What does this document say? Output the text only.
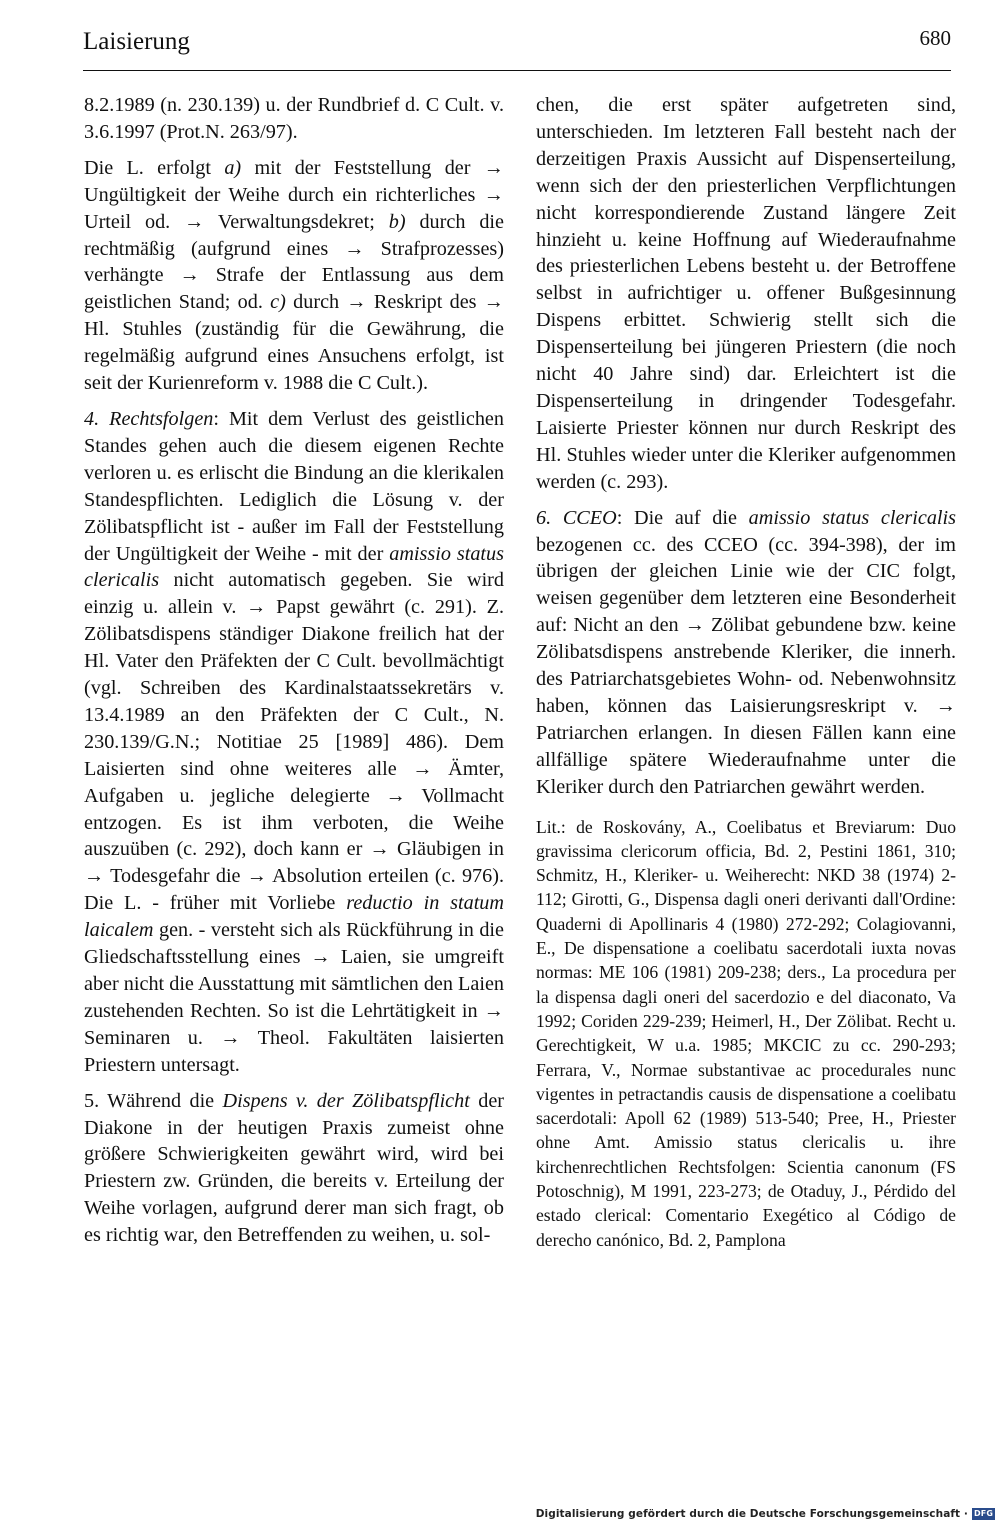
Laisierung	680

8.2.1989 (n. 230.139) u. der Rundbrief d. C Cult. v. 3.6.1997 (Prot.N. 263/97).

Die L. erfolgt a) mit der Feststellung der → Ungültigkeit der Weihe durch ein richterliches → Urteil od. → Verwaltungsdekret; b) durch die rechtmäßig (aufgrund eines → Strafprozesses) verhängte → Strafe der Entlassung aus dem geistlichen Stand; od. c) durch → Reskript des → Hl. Stuhles (zuständig für die Gewährung, die regelmäßig aufgrund eines Ansuchens erfolgt, ist seit der Kurienreform v. 1988 die C Cult.).

4. Rechtsfolgen: Mit dem Verlust des geistlichen Standes gehen auch die diesem eigenen Rechte verloren u. es erlischt die Bindung an die klerikalen Standespflichten. Lediglich die Lösung v. der Zölibatspflicht ist - außer im Fall der Feststellung der Ungültigkeit der Weihe - mit der amissio status clericalis nicht automatisch gegeben. Sie wird einzig u. allein v. → Papst gewährt (c. 291). Z. Zölibatsdispens ständiger Diakone freilich hat der Hl. Vater den Präfekten der C Cult. bevollmächtigt (vgl. Schreiben des Kardinalstaatssekretärs v. 13.4.1989 an den Präfekten der C Cult., N. 230.139/G.N.; Notitiae 25 [1989] 486). Dem Laisierten sind ohne weiteres alle → Ämter, Aufgaben u. jegliche delegierte → Vollmacht entzogen. Es ist ihm verboten, die Weihe auszuüben (c. 292), doch kann er → Gläubigen in → Todesgefahr die → Absolution erteilen (c. 976). Die L. - früher mit Vorliebe reductio in statum laicalem gen. - versteht sich als Rückführung in die Gliedschaftsstellung eines → Laien, sie umgreift aber nicht die Ausstattung mit sämtlichen den Laien zustehenden Rechten. So ist die Lehrtätigkeit in → Seminaren u. → Theol. Fakultäten laisierten Priestern untersagt.

5. Während die Dispens v. der Zölibatspflicht der Diakone in der heutigen Praxis zumeist ohne größere Schwierigkeiten gewährt wird, wird bei Priestern zw. Gründen, die bereits v. Erteilung der Weihe vorlagen, aufgrund derer man sich fragt, ob es richtig war, den Betreffenden zu weihen, u. sol-

chen, die erst später aufgetreten sind, unterschieden. Im letzteren Fall besteht nach der derzeitigen Praxis Aussicht auf Dispenserteilung, wenn sich der den priesterlichen Verpflichtungen nicht korrespondierende Zustand längere Zeit hinzieht u. keine Hoffnung auf Wiederaufnahme des priesterlichen Lebens besteht u. der Betroffene selbst in aufrichtiger u. offener Bußgesinnung Dispens erbittet. Schwierig stellt sich die Dispenserteilung bei jüngeren Priestern (die noch nicht 40 Jahre sind) dar. Erleichtert ist die Dispenserteilung in dringender Todesgefahr. Laisierte Priester können nur durch Reskript des Hl. Stuhles wieder unter die Kleriker aufgenommen werden (c. 293).

6. CCEO: Die auf die amissio status clericalis bezogenen cc. des CCEO (cc. 394-398), der im übrigen der gleichen Linie wie der CIC folgt, weisen gegenüber dem letzteren eine Besonderheit auf: Nicht an den → Zölibat gebundene bzw. keine Zölibatsdispens anstrebende Kleriker, die innerh. des Patriarchatsgebietes Wohn- od. Nebenwohnsitz haben, können das Laisierungsreskript v. → Patriarchen erlangen. In diesen Fällen kann eine allfällige spätere Wiederaufnahme unter die Kleriker durch den Patriarchen gewährt werden.

Lit.: de Roskovány, A., Coelibatus et Breviarum: Duo gravissima clericorum officia, Bd. 2, Pestini 1861, 310; Schmitz, H., Kleriker- u. Weiherecht: NKD 38 (1974) 2-112; Girotti, G., Dispensa dagli oneri derivanti dall'Ordine: Quaderni di Apollinaris 4 (1980) 272-292; Colagiovanni, E., De dispensatione a coelibatu sacerdotali iuxta novas normas: ME 106 (1981) 209-238; ders., La procedura per la dispensa dagli oneri del sacerdozio e del diaconato, Va 1992; Coriden 229-239; Heimerl, H., Der Zölibat. Recht u. Gerechtigkeit, W u.a. 1985; MKCIC zu cc. 290-293; Ferrara, V., Normae substantivae ac procedurales nunc vigentes in petractandis causis de dispensatione a coelibatu sacerdotali: Apoll 62 (1989) 513-540; Pree, H., Priester ohne Amt. Amissio status clericalis u. ihre kirchenrechtlichen Rechtsfolgen: Scientia canonum (FS Potoschnig), M 1991, 223-273; de Otaduy, J., Pérdido del estado clerical: Comentario Exegético al Código de derecho canónico, Bd. 2, Pamplona

Digitalisierung gefördert durch die Deutsche Forschungsgemeinschaft · DFG
